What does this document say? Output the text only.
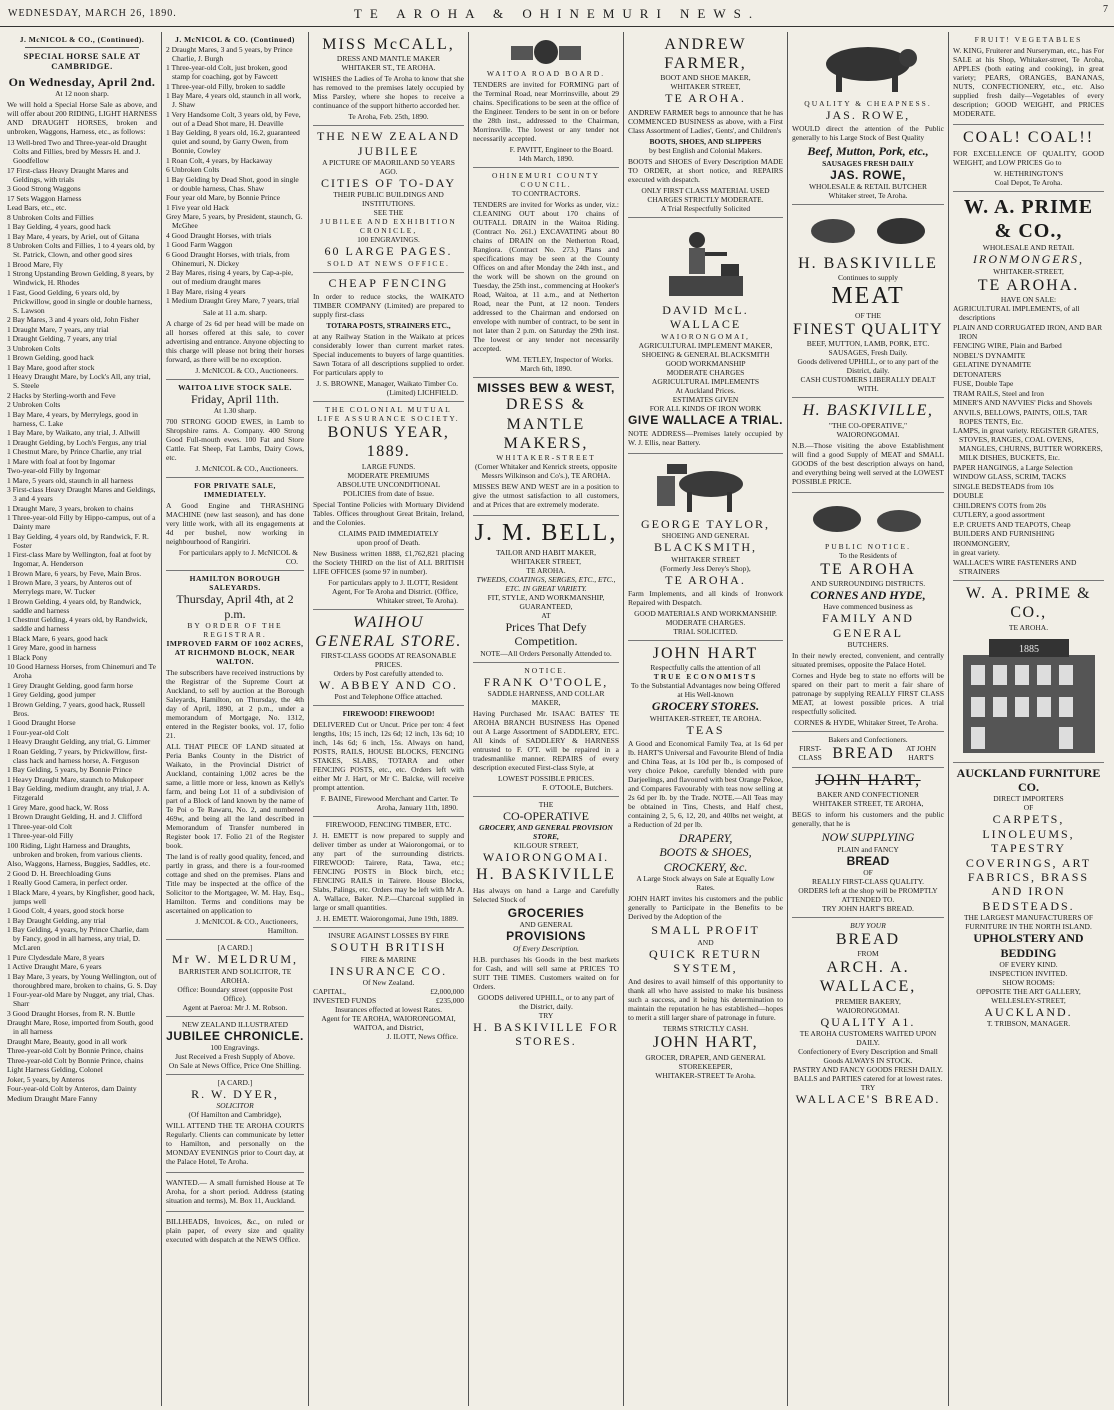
WEDNESDAY, MARCH 26, 1890.	TE AROHA & OHINEMURI NEWS.	7
J. McNICOL & CO., (Continued).
SPECIAL HORSE SALE AT CAMBRIDGE.
On Wednesday, April 2nd.
At 12 noon sharp.
We will hold a Special Horse Sale as above, and will offer about 200 RIDING, LIGHT HARNESS AND DRAUGHT HORSES, broken and unbroken, Waggons, Harness, etc., as follows:
13 Well-bred Two and Three-year-old Draught Colts and Fillies, bred by Messrs H. and J. Goodfellow
17 First-class Heavy Draught Mares and Geldings, with trials
3 Good Strong Waggons
17 Sets Waggon Harness
Lead Bars, etc., etc.
8 Unbroken Colts and Fillies
1 Bay Gelding, 4 years, good hack
1 Bay Mare, 4 years, by Ariel, out of Gitana
8 Unbroken Colts and Fillies, 1 to 4 years old, by St. Patrick, Clown, and other good sires
1 Brood Mare, Fly
1 Strong Upstanding Brown Gelding, 8 years, by Windwick, H. Rhodes
1 Fast, Good Gelding, 6 years old, by Prickwillow, good in single or double harness, S. Lawson
2 Bay Mares, 3 and 4 years old, John Fisher
1 Draught Mare, 7 years, any trial
1 Draught Gelding, 7 years, any trial
3 Unbroken Colts
1 Brown Gelding, good hack
1 Bay Mare, good after stock
1 Heavy Draught Mare, by Lock's All, any trial, S. Steele
2 Hacks by Sterling-worth and Feve
2 Unbroken Colts
1 Bay Mare, 4 years, by Merrylegs, good in harness, C. Lake
1 Bay Mare, by Waikato, any trial, J. Allwill
1 Draught Gelding, by Loch's Fergus, any trial
1 Chestnut Mare, by Prince Charlie, any trial
1 Mare with foal at foot by Ingomar
Two-year-old Filly by Ingomar
1 Mare, 5 years old, staunch in all harness
3 First-class Heavy Draught Mares and Geldings, 3 and 4 years
1 Draught Mare, 3 years, broken to chains
1 Three-year-old Filly by Hippo-campus, out of a Dainty mare
1 Bay Gelding, 4 years old, by Randwick, F. R. Foster
1 First-class Mare by Wellington, foal at foot by Ingomar, A. Henderson
1 Brown Mare, 6 years, by Feve, Main Bros.
1 Brown Mare, 3 years, by Anteros out of Merrylegs mare, W. Tucker
1 Brown Gelding, 4 years old, by Randwick, saddle and harness
1 Chestnut Gelding, 4 years old, by Randwick, saddle and harness
1 Black Mare, 6 years, good hack
1 Grey Mare, good in harness
1 Black Pony
10 Good Harness Horses, from Chinemuri and Te Aroha
1 Grey Draught Gelding, good farm horse
1 Grey Gelding, good jumper
1 Brown Gelding, 7 years, good hack, Russell Bros.
1 Good Draught Horse
1 Four-year-old Colt
1 Heavy Draught Gelding, any trial, G. Limmer
1 Roan Gelding, 7 years, by Prickwillow, first-class hack and harness horse, A. Ferguson
1 Bay Gelding, 5 years, by Bonnie Prince
1 Heavy Draught Mare, staunch to Mukopeer
1 Bay Gelding, medium draught, any trial, J. A. Fitzgerald
1 Grey Mare, good hack, W. Ross
1 Brown Draught Gelding, H. and J. Clifford
1 Three-year-old Colt
1 Three-year-old Filly
100 Riding, Light Harness and Draughts, unbroken and broken, from various clients.
Also, Waggons, Harness, Buggies, Saddles, etc.
2 Good D. H. Breechloading Guns
1 Really Good Camera, in perfect order.
1 Black Mare, 4 years, by Kingfisher, good hack, jumps well
1 Good Colt, 4 years, good stock horse
1 Bay Draught Gelding, any trial
1 Bay Gelding, 4 years, by Prince Charlie, dam by Fancy, good in all harness, any trial, D. McLaren
1 Pure Clydesdale Mare, 8 years
1 Active Draught Mare, 6 years
1 Bay Mare, 3 years, by Young Wellington, out of thoroughbred mare, broken to chains, G. S. Day
1 Four-year-old Mare by Nugget, any trial, Chas. Sharr
3 Good Draught Horses, from R. N. Buttle
Draught Mare, Rose, imported from South, good in all harness
Draught Mare, Beauty, good in all work
Three-year-old Colt by Bonnie Prince, chains
Three-year-old Colt by Bonnie Prince, chains
Light Harness Gelding, Colonel
Joker, 5 years, by Anteros
Four-year-old Colt by Anteros, dam Dainty
Medium Draught Mare Fanny
J. McNICOL & CO. (Continued)
2 Draught Mares, 3 and 5 years, by Prince Charlie, J. Burgh
1 Three-year-old Colt, just broken, good stamp for coaching, got by Fawcett
1 Three-year-old Filly, broken to saddle
1 Bay Mare, 4 years old, staunch in all work, J. Shaw
1 Very Handsome Colt, 3 years old, by Feve, out of a Dead Shot mare, H. Deaville
1 Bay Gelding, 8 years old, 16.2, guaranteed quiet and sound, by Garry Owen, from Bonnie, Cowley
1 Roan Colt, 4 years, by Hackaway
6 Unbroken Colts
1 Bay Gelding by Dead Shot, good in single or double harness, Chas. Shaw
Four year old Mare, by Bonnie Prince
1 Five year old Hack
Grey Mare, 5 years, by President, staunch, G. McGhee
4 Good Draught Horses, with trials
1 Good Farm Waggon
6 Good Draught Horses, with trials, from Ohinemuri, N. Dickey
2 Bay Mares, rising 4 years, by Cap-a-pie, out of medium draught mares
1 Bay Mare, rising 4 years
1 Medium Draught Grey Mare, 7 years, trial
Sale at 11 a.m. sharp.
A charge of 2s 6d per head will be made on all horses offered at this sale, to cover advertising and entrance. Anyone objecting to this charge will please not bring their horses forward, as there will be no exception.
J. McNICOL & CO., Auctioneers.
WAITOA LIVE STOCK SALE.
Friday, April 11th.
At 1.30 sharp.
700 STRONG GOOD EWES, in Lamb to Shropshire rams. A. Company. 400 Strong Good Full-mouth ewes. 100 Fat and Store Cattle. Fat Sheep, Fat Lambs, Dairy Cows, etc.
J. McNICOL & CO., Auctioneers.
FOR PRIVATE SALE, IMMEDIATELY.
A Good Engine and THRASHING MACHINE (new last season), and has done very little work, with all its engagements at 4d per bushel, now working in neighbourhood of Rangiriri.
For particulars apply to J. McNICOL & CO.
HAMILTON BOROUGH SALEYARDS.
Thursday, April 4th, at 2 p.m.
BY ORDER OF THE REGISTRAR.
IMPROVED FARM OF 1002 ACRES, AT RICHMOND BLOCK, NEAR WALTON.
The subscribers have received instructions by the Registrar of the Supreme Court at Auckland, to sell by auction at the Borough Saleyards, Hamilton, on Thursday, the 4th day of April, 1890, at 2 p.m., under a memorandum of Mortgage, No. 1312, entered in the Register books, vol. 17, folio 21.
ALL THAT PIECE OF LAND situated at Peria Banks County in the District of Waikato, in the Provincial District of Auckland, containing 1,002 acres be the same, a little more or less, known as Kelly's farm, and being Lot 11 of a subdivision of part of a Block of land known by the name of Te Poi o Te Rawaru, No. 2, and numbered 469w, and being all the land described in Memorandum of Transfer numbered in Register book 17. Folio 21 of the Register book.
The land is of really good quality, fenced, and partly in grass, and there is a four-roomed cottage and shed on the premises. Plans and Title may be inspected at the office of the Solicitor to the Mortgagee, W. M. Hay, Esq., Hamilton. Terms and conditions may be ascertained on application to
J. McNICOL & CO., Auctioneers, Hamilton.
[A CARD.]
Mr W. MELDRUM,
BARRISTER AND SOLICITOR, TE AROHA.
Office: Boundary street (opposite Post Office).
Agent at Paeroa: Mr J. M. Robson.
NEW ZEALAND ILLUSTRATED
JUBILEE CHRONICLE.
100 Engravings.
Just Received a Fresh Supply of Above.
On Sale at News Office, Price One Shilling.
[A CARD.]
R. W. DYER,
SOLICITOR
(Of Hamilton and Cambridge),
WILL ATTEND THE TE AROHA COURTS Regularly. Clients can communicate by letter to Hamilton, and personally on the MONDAY EVENINGS prior to Court day, at the Palace Hotel, Te Aroha.
WANTED.— A small furnished House at Te Aroha, for a short period. Address (stating situation and terms), M. Box 11, Auckland.
BILLHEADS, Invoices, &c., on ruled or plain paper, of every size and quality executed with despatch at the NEWS Office.
MISS McCALL,
DRESS AND MANTLE MAKER
WHITAKER ST., TE AROHA.
WISHES the Ladies of Te Aroha to know that she has removed to the premises lately occupied by Miss Parsley, where she hopes to receive a continuance of the support hitherto accorded her.
Te Aroha, Feb. 25th, 1890.
THE NEW ZEALAND JUBILEE
A PICTURE OF MAORILAND 50 YEARS AGO.
CITIES OF TO-DAY
THEIR PUBLIC BUILDINGS AND INSTITUTIONS.
SEE THE
JUBILEE AND EXHIBITION CRONICLE,
100 ENGRAVINGS.
60 LARGE PAGES.
SOLD AT NEWS OFFICE.
CHEAP FENCING
In order to reduce stocks, the WAIKATO TIMBER COMPANY (Limited) are prepared to supply first-class
TOTARA POSTS, STRAINERS ETC.,
at any Railway Station in the Waikato at prices considerably lower than current market rates. Special inducements to buyers of large quantities. Sawn Totara of all descriptions supplied to order. For particulars apply to
J. S. BROWNE, Manager, Waikato Timber Co. (Limited) LICHFIELD.
THE COLONIAL MUTUAL LIFE ASSURANCE SOCIETY.
BONUS YEAR, 1889.
LARGE FUNDS.
MODERATE PREMIUMS
ABSOLUTE UNCONDITIONAL
POLICIES from date of Issue.
Special Tontine Policies with Mortuary Dividend Tables. Offices throughout Great Britain, Ireland, and the Colonies.
CLAIMS PAID IMMEDIATELY
upon proof of Death.
New Business written 1888, £1,762,821 placing the Society THIRD on the list of ALL BRITISH LIFE OFFICES (some 97 in number).
For particulars apply to J. ILOTT, Resident Agent, For Te Aroha and District. (Office, Whitaker street, Te Aroha).
WAIHOU GENERAL STORE.
FIRST-CLASS GOODS AT REASONABLE PRICES.
Orders by Post carefully attended to.
W. ABBEY AND CO.
Post and Telephone Office attached.
FIREWOOD! FIREWOOD!
DELIVERED Cut or Uncut. Price per ton: 4 feet lengths, 10s; 15 inch, 12s 6d; 12 inch, 13s 6d; 10 inch, 14s 6d; 6 inch, 15s. Always on hand, POSTS, RAILS, HOUSE BLOCKS, FENCING STAKES, SLABS, TOTARA and other FENCING POSTS, etc., etc. Orders left with either Mr J. Hart, or Mr C. Balcke, will receive prompt attention.
F. BAINE, Firewood Merchant and Carter. Te Aroha, January 11th, 1890.
FIREWOOD, FENCING TIMBER, ETC.
J. H. EMETT is now prepared to supply and deliver timber as under at Waiorongomai, or to any part of the surrounding districts. FIREWOOD: Tairere, Rata, Tawa, etc.; FENCING POSTS in Block birch, etc.; FENCING RAILS in Tairere. House Blocks, Slabs, Palings, etc. Orders may be left with Mr A. A. Wallace, Baker. N.P.—Charcoal supplied in large or small quantities.
J. H. EMETT. Waiorongomai, June 19th, 1889.
INSURE AGAINST LOSSES BY FIRE
SOUTH BRITISH
FIRE & MARINE
INSURANCE CO.
Of New Zealand.
CAPITAL,	£2,000,000
INVESTED FUNDS	£235,000
Insurances effected at lowest Rates.
Agent for TE AROHA, WAIORONGOMAI, WAITOA, and District,
J. ILOTT, News Office.
WAITOA ROAD BOARD.
TENDERS are invited for FORMING part of the Terminal Road, near Morrinsville, about 29 chains. Specifications to be seen at the office of the Engineer. Tenders to be sent in on or before the 28th inst., addressed to the Chairman, Morrinsville. The lowest or any tender not necessarily accepted.
F. PAVITT, Engineer to the Board.
14th March, 1890.
OHINEMURI COUNTY COUNCIL.
TO CONTRACTORS.
TENDERS are invited for Works as under, viz.: CLEANING OUT about 170 chains of OUTFALL DRAIN in the Waitoa Riding. (Contract No. 261.) EXCAVATING about 80 chains of DRAIN on the Netherton Road, Rangiora. (Contract No. 273.) Plans and specifications may be seen at the County Offices on and after Monday the 24th inst., and the work will be shown on the ground on Tuesday, the 25th inst., commencing at Hooker's Road, Waitoa, at 11 a.m., and at Netherton Road, near the Punt, at 12 noon. Tenders addressed to the Chairman and endorsed on envelope with number of contract, to be sent in not later than 2 p.m. on Saturday the 29th inst. The lowest or any tender not necessarily accepted.
WM. TETLEY, Inspector of Works.
March 6th, 1890.
MISSES BEW & WEST,
DRESS & MANTLE MAKERS,
WHITAKER-STREET
(Corner Whitaker and Kenrick streets, opposite Messrs Wilkinson and Co's.), TE AROHA.
MISSES BEW AND WEST are in a position to give the utmost satisfaction to all customers, and at Prices that are extremely moderate.
J. M. BELL,
TAILOR AND HABIT MAKER,
WHITAKER STREET,
TE AROHA.
TWEEDS, COATINGS, SERGES, ETC., ETC., ETC. IN GREAT VARIETY.
FIT, STYLE, AND WORKMANSHIP, GUARANTEED,
AT
Prices That Defy Competition.
NOTE—All Orders Personally Attended to.
NOTICE.
FRANK O'TOOLE,
SADDLE HARNESS, AND COLLAR MAKER,
Having Purchased Mr. ISAAC BATES' TE AROHA BRANCH BUSINESS Has Opened out A Large Assortment of SADDLERY, ETC. All kinds of SADDLERY & HARNESS entrusted to F. O'T. will be repaired in a tradesmanlike manner. REPAIRS of every description executed First-class Style, at
LOWEST POSSIBLE PRICES.
F. O'TOOLE, Butchers.
THE
CO-OPERATIVE
GROCERY, AND GENERAL PROVISION STORE,
KILGOUR STREET,
WAIORONGOMAI.
H. BASKIVILLE
Has always on hand a Large and Carefully Selected Stock of
GROCERIES
AND GENERAL
PROVISIONS
Of Every Description.
H.B. purchases his Goods in the best markets for Cash, and will sell same at PRICES TO SUIT THE TIMES. Customers waited on for Orders.
GOODS delivered UPHILL, or to any part of the District, daily.
TRY
H. BASKIVILLE FOR STORES.
ANDREW FARMER,
BOOT AND SHOE MAKER,
WHITAKER STREET,
TE AROHA.
ANDREW FARMER begs to announce that he has COMMENCED BUSINESS as above, with a First Class Assortment of Ladies', Gents', and Children's
BOOTS, SHOES, AND SLIPPERS
by best English and Colonial Makers.
BOOTS and SHOES of Every Description MADE TO ORDER, at short notice, and REPAIRS executed with despatch.
ONLY FIRST CLASS MATERIAL USED
CHARGES STRICTLY MODERATE.
A Trial Respectfully Solicited
DAVID McL. WALLACE
WAIORONGOMAI,
AGRICULTURAL IMPLEMENT MAKER,
SHOEING & GENERAL BLACKSMITH
GOOD WORKMANSHIP
MODERATE CHARGES
AGRICULTURAL IMPLEMENTS
At Auckland Prices.
ESTIMATES GIVEN
FOR ALL KINDS OF IRON WORK
GIVE WALLACE A TRIAL.
NOTE ADDRESS—Premises lately occupied by W. J. Ellis, near Battery.
GEORGE TAYLOR,
SHOEING AND GENERAL
BLACKSMITH,
WHITAKER STREET
(Formerly Jess Derey's Shop),
TE AROHA.
Farm Implements, and all kinds of Ironwork Repaired with Despatch.
GOOD MATERIALS AND WORKMANSHIP.
MODERATE CHARGES.
TRIAL SOLICITED.
JOHN HART
Respectfully calls the attention of all
TRUE ECONOMISTS
To the Substantial Advantages now being Offered at His Well-known
GROCERY STORES.
WHITAKER-STREET, TE AROHA.
TEAS
A Good and Economical Family Tea, at 1s 6d per lb. HART'S Universal and Favourite Blend of India and China Teas, at 1s 10d per lb., is composed of very choice Pekoe, carefully blended with pure Darjeelings, and flavoured with best Orange Pekoe, and Compares Favourably with teas now selling at 2s 6d per lb. by the Trade. NOTE.—All Teas may be obtained in Tins, Chests, and Half chest, containing 2, 5, 6, 12, 20, and 40lbs net weight, at a Reduction of 2d per lb.
DRAPERY,
BOOTS & SHOES,
CROCKERY, &c.
A Large Stock always on Sale at Equally Low Rates.
JOHN HART invites his customers and the public generally to Participate in the Benefits to be Derived by the Adoption of the
SMALL PROFIT
AND
QUICK RETURN SYSTEM,
And desires to avail himself of this opportunity to thank all who have assisted to make his business such a success, and it being his determination to maintain the reputation he has established—hopes to merit a still larger share of patronage in future.
TERMS STRICTLY CASH.
JOHN HART,
GROCER, DRAPER, AND GENERAL STOREKEEPER,
WHITAKER-STREET Te Aroha.
QUALITY & CHEAPNESS.
JAS. ROWE,
WOULD direct the attention of the Public generally to his Large Stock of Best Quality
Beef, Mutton, Pork, etc.,
SAUSAGES FRESH DAILY
JAS. ROWE,
WHOLESALE & RETAIL BUTCHER
Whitaker street, Te Aroha.
H. BASKIVILLE
Continues to supply
MEAT
OF THE
FINEST QUALITY
BEEF, MUTTON, LAMB, PORK, ETC. SAUSAGES, Fresh Daily.
Goods delivered UPHILL, or to any part of the District, daily.
CASH CUSTOMERS LIBERALLY DEALT WITH.
H. BASKIVILLE,
"THE CO-OPERATIVE,"
WAIORONGOMAI.
N.B.—Those visiting the above Establishment will find a good Supply of MEAT and SMALL GOODS of the best description always on hand, and everything being well served at the LOWEST POSSIBLE PRICE.
PUBLIC NOTICE.
To the Residents of
TE AROHA
AND SURROUNDING DISTRICTS.
CORNES AND HYDE,
Have commenced business as
FAMILY AND GENERAL
BUTCHERS.
In their newly erected, convenient, and centrally situated premises, opposite the Palace Hotel.
Cornes and Hyde beg to state no efforts will be spared on their part to merit a fair share of patronage by supplying REALLY FIRST CLASS MEAT, at lowest possible prices. A trial respectfully solicited.
CORNES & HYDE, Whitaker Street, Te Aroha.
Bakers and Confectioners.
FIRST-CLASS BREAD	AT JOHN HART'S
JOHN HART,
BAKER AND CONFECTIONER
WHITAKER STREET, TE AROHA,
BEGS to inform his customers and the public generally, that he is
NOW SUPPLYING
PLAIN and FANCY
BREAD
OF
REALLY FIRST-CLASS QUALITY.
ORDERS left at the shop will be PROMPTLY ATTENDED TO.
TRY JOHN HART'S BREAD.
BUY YOUR
BREAD
FROM
ARCH. A. WALLACE,
PREMIER BAKERY,
WAIORONGOMAI.
QUALITY A1.
TE AROHA CUSTOMERS WAITED UPON DAILY.
Confectionery of Every Description and Small Goods ALWAYS IN STOCK.
PASTRY AND FANCY GOODS FRESH DAILY.
BALLS and PARTIES catered for at lowest rates.
TRY
WALLACE'S BREAD.
FRUIT! VEGETABLES
W. KING, Fruiterer and Nurseryman, etc., has For SALE at his Shop, Whitaker-street, Te Aroha, APPLES (both eating and cooking), in great variety; PEARS, ORANGES, BANANAS, NUTS, CONFECTIONERY, etc., etc. Also supplied fresh daily—Vegetables of every description; GOOD WEIGHT, and PRICES MODERATE.
COAL! COAL!!
FOR EXCELLENCE OF QUALITY, GOOD WEIGHT, and LOW PRICES Go to
W. HETHRINGTON'S
Coal Depot, Te Aroha.
W. A. PRIME & CO.,
WHOLESALE AND RETAIL
IRONMONGERS,
WHITAKER-STREET,
TE AROHA.
HAVE ON SALE:
AGRICULTURAL IMPLEMENTS, of all descriptions
PLAIN AND CORRUGATED IRON, AND BAR IRON
FENCING WIRE, Plain and Barbed
NOBEL'S DYNAMITE
GELATINE DYNAMITE
DETONATERS
FUSE, Double Tape
TRAM RAILS, Steel and Iron
MINER'S AND NAVVIES' Picks and Shovels
ANVILS, BELLOWS, PAINTS, OILS, TAR ROPES TENTS, Etc.
LAMPS, in great variety. REGISTER GRATES, STOVES, RANGES, COAL OVENS, MANGLES, CHURNS, BUTTER WORKERS, MILK DISHES, BUCKETS, Etc.
PAPER HANGINGS, a Large Selection
WINDOW GLASS, SCRIM, TACKS
SINGLE BEDSTEADS from 10s
DOUBLE
CHILDREN'S COTS from 20s
CUTLERY, a good assortment
E.P. CRUETS AND TEAPOTS, Cheap
BUILDERS AND FURNISHING
IRONMONGERY,
in great variety.
WALLACE'S WIRE FASTENERS AND STRAINERS
W. A. PRIME & CO.,
TE AROHA.
1885
AUCKLAND FURNITURE CO.
DIRECT IMPORTERS
OF
CARPETS, LINOLEUMS, TAPESTRY COVERINGS, ART FABRICS, BRASS AND IRON BEDSTEADS.
THE LARGEST MANUFACTURERS OF FURNITURE IN THE NORTH ISLAND.
UPHOLSTERY AND BEDDING
OF EVERY KIND.
INSPECTION INVITED.
SHOW ROOMS:
OPPOSITE THE ART GALLERY,
WELLESLEY-STREET,
AUCKLAND.
T. TRIBSON, MANAGER.
